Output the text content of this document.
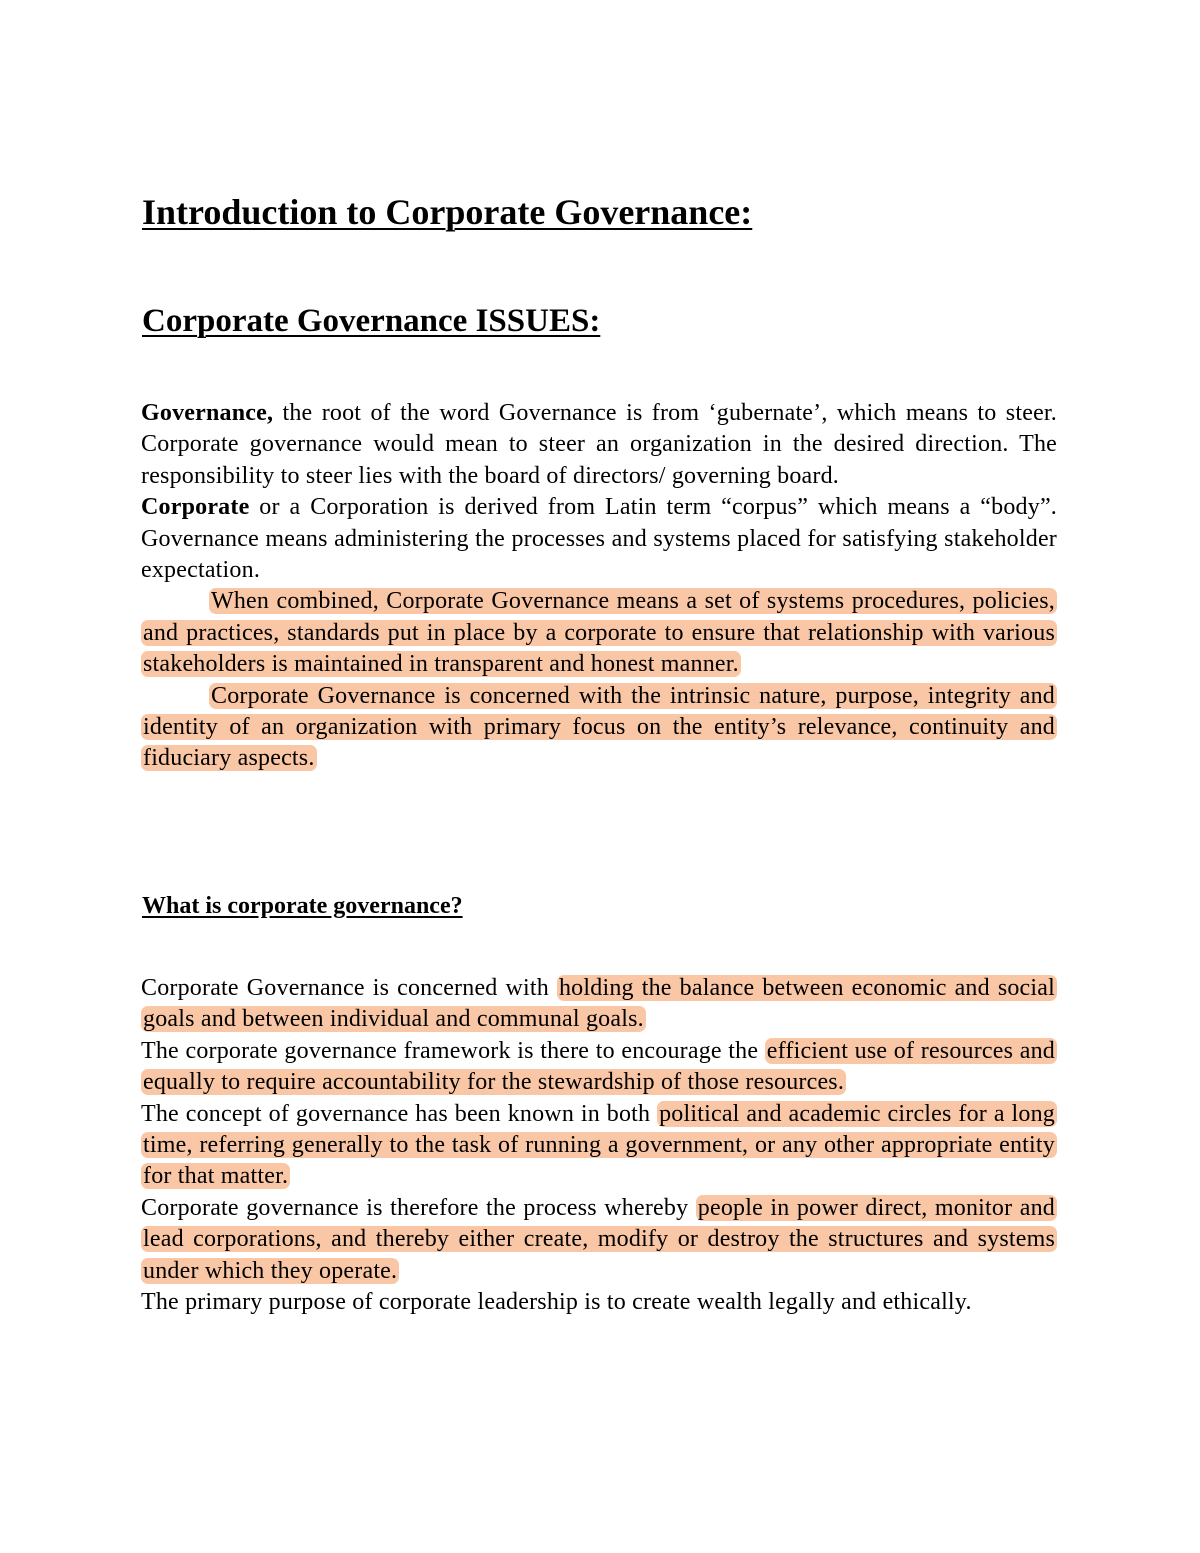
Introduction to Corporate Governance:
Corporate Governance ISSUES:

Governance, the root of the word Governance is from ‘gubernate’, which means to steer. Corporate governance would mean to steer an organization in the desired direction. The responsibility to steer lies with the board of directors/ governing board.

Corporate or a Corporation is derived from Latin term “corpus” which means a “body”. Governance means administering the processes and systems placed for satisfying stakeholder expectation.

When combined, Corporate Governance means a set of systems procedures, policies, and practices, standards put in place by a corporate to ensure that relationship with various stakeholders is maintained in transparent and honest manner.

Corporate Governance is concerned with the intrinsic nature, purpose, integrity and identity of an organization with primary focus on the entity’s relevance, continuity and fiduciary aspects.

What is corporate governance?

Corporate Governance is concerned with holding the balance between economic and social goals and between individual and communal goals.

The corporate governance framework is there to encourage the efficient use of resources and equally to require accountability for the stewardship of those resources.

The concept of governance has been known in both political and academic circles for a long time, referring generally to the task of running a government, or any other appropriate entity for that matter.

Corporate governance is therefore the process whereby people in power direct, monitor and lead corporations, and thereby either create, modify or destroy the structures and systems under which they operate.

The primary purpose of corporate leadership is to create wealth legally and ethically.
